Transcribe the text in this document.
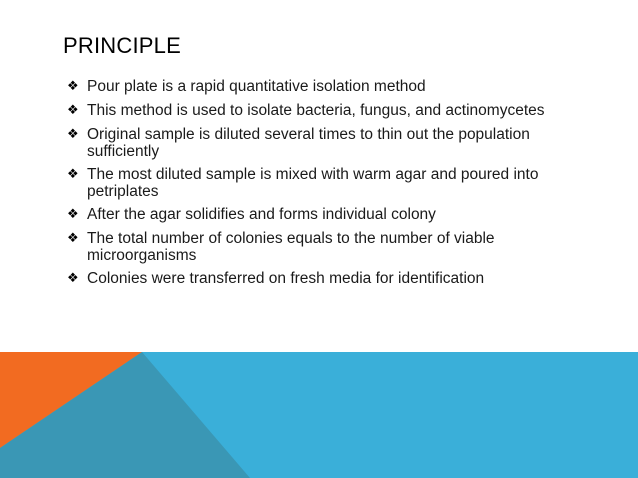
PRINCIPLE
❖ Pour plate is a rapid quantitative isolation method
❖ This method is used to isolate bacteria, fungus, and actinomycetes
❖ Original sample is diluted several times to thin out the population sufficiently
❖ The most diluted sample is mixed with warm agar and poured into petriplates
❖ After the agar solidifies and forms individual colony
❖ The total number of colonies equals to the number of viable microorganisms
❖ Colonies were transferred on fresh media for identification
